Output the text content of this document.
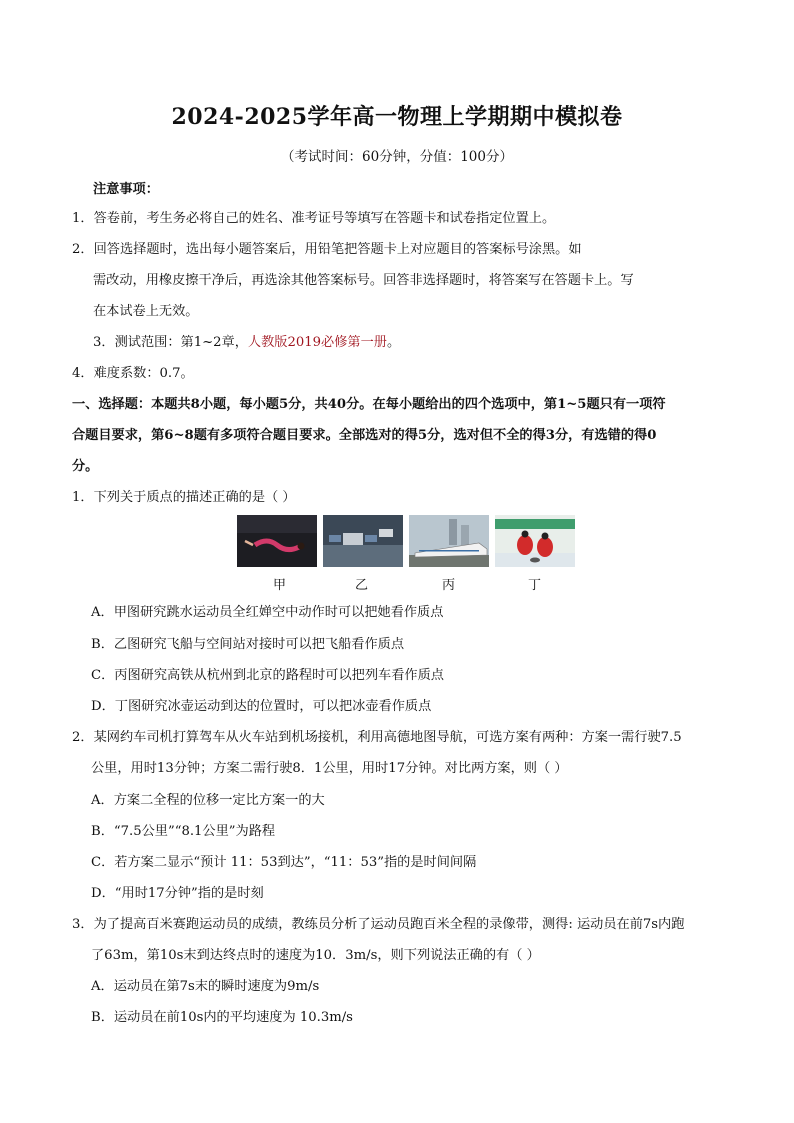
2024-2025学年高一物理上学期期中模拟卷
（考试时间：60分钟，分值：100分）
注意事项：
1．答卷前，考生务必将自己的姓名、准考证号等填写在答题卡和试卷指定位置上。
2．回答选择题时，选出每小题答案后，用铅笔把答题卡上对应题目的答案标号涂黑。如
需改动，用橡皮擦干净后，再选涂其他答案标号。回答非选择题时，将答案写在答题卡上。写
在本试卷上无效。
3．测试范围：第1~2章，人教版2019必修第一册。
4．难度系数：0.7。
一、选择题：本题共8小题，每小题5分，共40分。在每小题给出的四个选项中，第1~5题只有一项符
合题目要求，第6~8题有多项符合题目要求。全部选对的得5分，选对但不全的得3分，有选错的得0
分。
1．下列关于质点的描述正确的是（ ）
甲	乙	丙	丁
A．甲图研究跳水运动员全红婵空中动作时可以把她看作质点
B．乙图研究飞船与空间站对接时可以把飞船看作质点
C．丙图研究高铁从杭州到北京的路程时可以把列车看作质点
D．丁图研究冰壶运动到达的位置时，可以把冰壶看作质点
2．某网约车司机打算驾车从火车站到机场接机，利用高德地图导航，可选方案有两种：方案一需行驶7.5
公里，用时13分钟；方案二需行驶8．1公里，用时17分钟。对比两方案，则（ ）
A．方案二全程的位移一定比方案一的大
B．“7.5公里”“8.1公里”为路程
C．若方案二显示“预计 11：53到达”，“11：53”指的是时间间隔
D．“用时17分钟”指的是时刻
3．为了提高百米赛跑运动员的成绩，教练员分析了运动员跑百米全程的录像带，测得: 运动员在前7s内跑
了63m，第10s末到达终点时的速度为10．3m/s，则下列说法正确的有（ ）
A．运动员在第7s末的瞬时速度为9m/s
B．运动员在前10s内的平均速度为 10.3m/s
